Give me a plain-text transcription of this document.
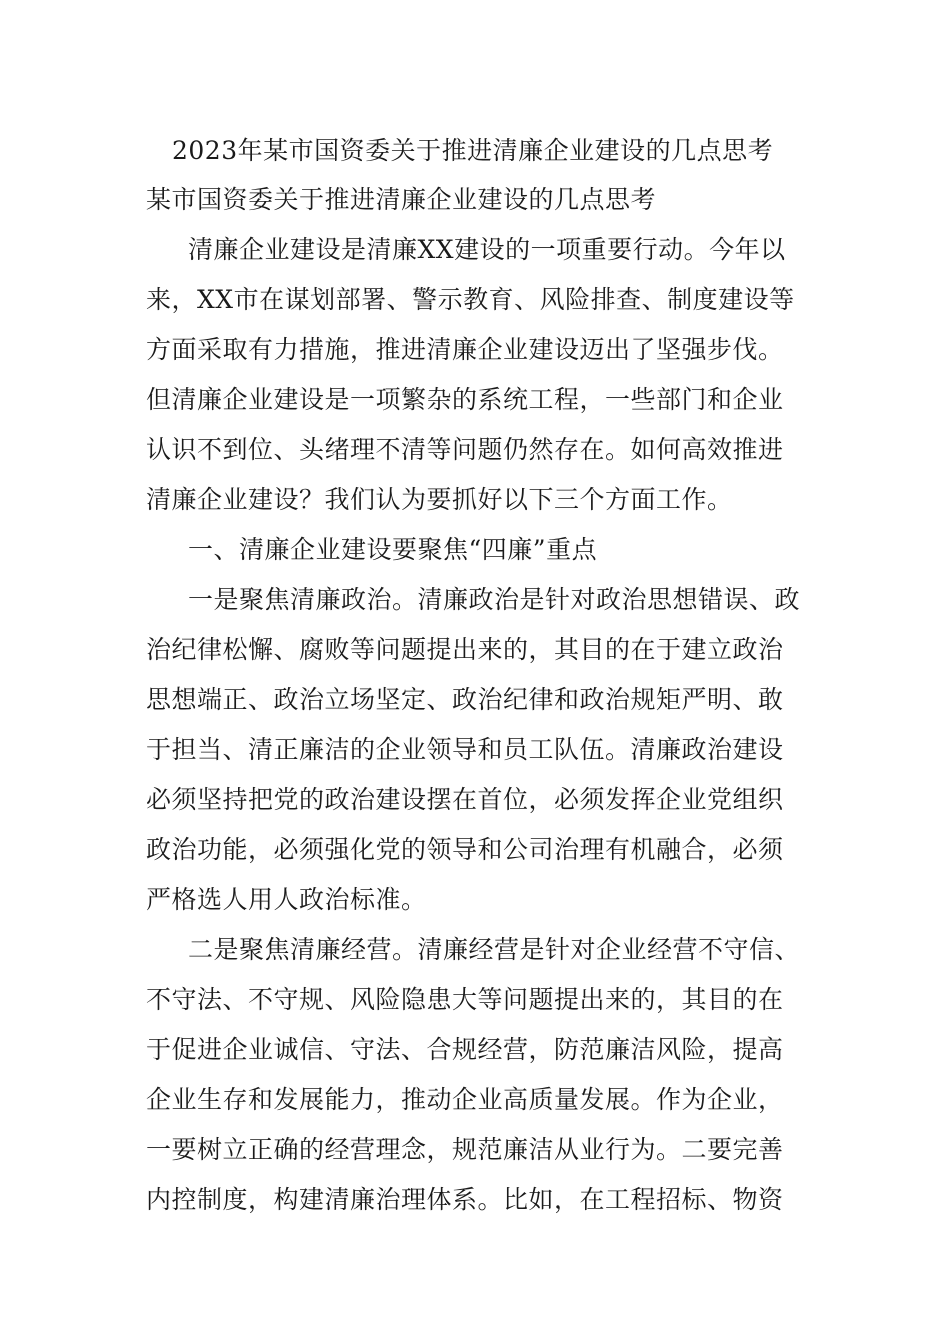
2023年某市国资委关于推进清廉企业建设的几点思考
某市国资委关于推进清廉企业建设的几点思考
清廉企业建设是清廉XX建设的一项重要行动。今年以
来，XX市在谋划部署、警示教育、风险排查、制度建设等
方面采取有力措施，推进清廉企业建设迈出了坚强步伐。
但清廉企业建设是一项繁杂的系统工程，一些部门和企业
认识不到位、头绪理不清等问题仍然存在。如何高效推进
清廉企业建设？我们认为要抓好以下三个方面工作。
一、清廉企业建设要聚焦“四廉”重点
一是聚焦清廉政治。清廉政治是针对政治思想错误、政
治纪律松懈、腐败等问题提出来的，其目的在于建立政治
思想端正、政治立场坚定、政治纪律和政治规矩严明、敢
于担当、清正廉洁的企业领导和员工队伍。清廉政治建设
必须坚持把党的政治建设摆在首位，必须发挥企业党组织
政治功能，必须强化党的领导和公司治理有机融合，必须
严格选人用人政治标准。
二是聚焦清廉经营。清廉经营是针对企业经营不守信、
不守法、不守规、风险隐患大等问题提出来的，其目的在
于促进企业诚信、守法、合规经营，防范廉洁风险，提高
企业生存和发展能力，推动企业高质量发展。作为企业，
一要树立正确的经营理念，规范廉洁从业行为。二要完善
内控制度，构建清廉治理体系。比如，在工程招标、物资
